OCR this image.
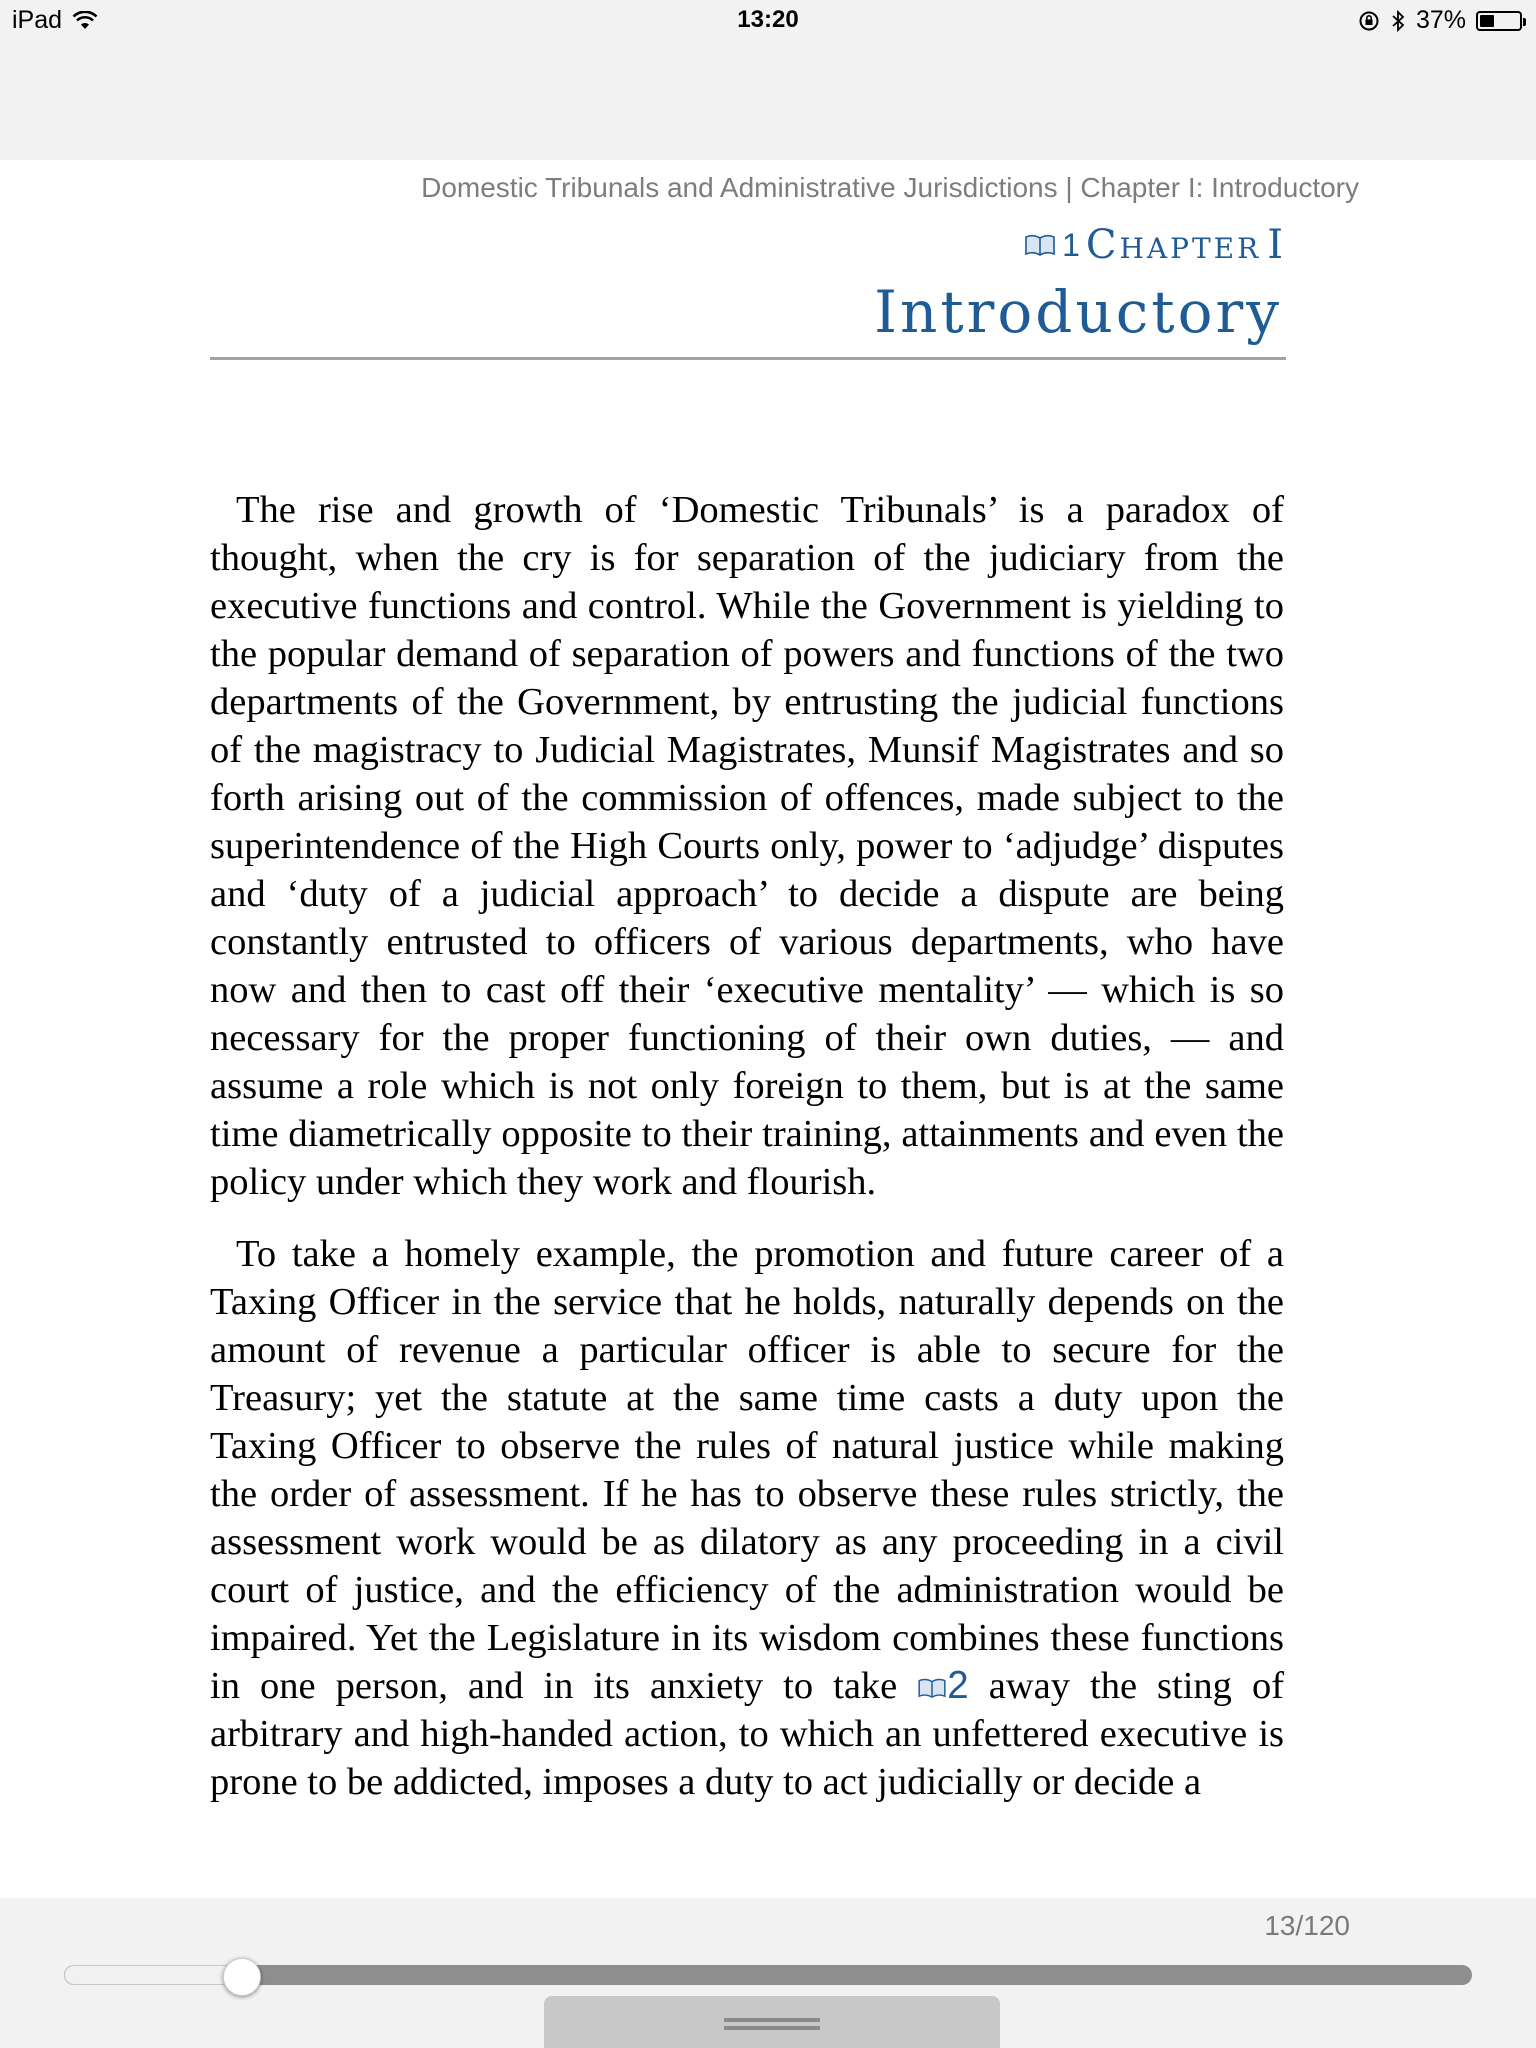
iPad	13:20	37%
Domestic Tribunals and Administrative Jurisdictions | Chapter I: Introductory
1 Chapter I
Introductory

The rise and growth of ‘Domestic Tribunals’ is a paradox of thought, when the cry is for separation of the judiciary from the executive functions and control. While the Government is yielding to the popular demand of separation of powers and functions of the two departments of the Government, by entrusting the judicial functions of the magistracy to Judicial Magistrates, Munsif Magistrates and so forth arising out of the commission of offences, made subject to the superintendence of the High Courts only, power to ‘adjudge’ disputes and ‘duty of a judicial approach’ to decide a dispute are being constantly entrusted to officers of various departments, who have now and then to cast off their ‘executive mentality’ — which is so necessary for the proper functioning of their own duties, — and assume a role which is not only foreign to them, but is at the same time diametrically opposite to their training, attainments and even the policy under which they work and flourish.

To take a homely example, the promotion and future career of a Taxing Officer in the service that he holds, naturally depends on the amount of revenue a particular officer is able to secure for the Treasury; yet the statute at the same time casts a duty upon the Taxing Officer to observe the rules of natural justice while making the order of assessment. If he has to observe these rules strictly, the assessment work would be as dilatory as any proceeding in a civil court of justice, and the efficiency of the administration would be impaired. Yet the Legislature in its wisdom combines these functions in one person, and in its anxiety to take 2 away the sting of arbitrary and high-handed action, to which an unfettered executive is prone to be addicted, imposes a duty to act judicially or decide a

13/120
